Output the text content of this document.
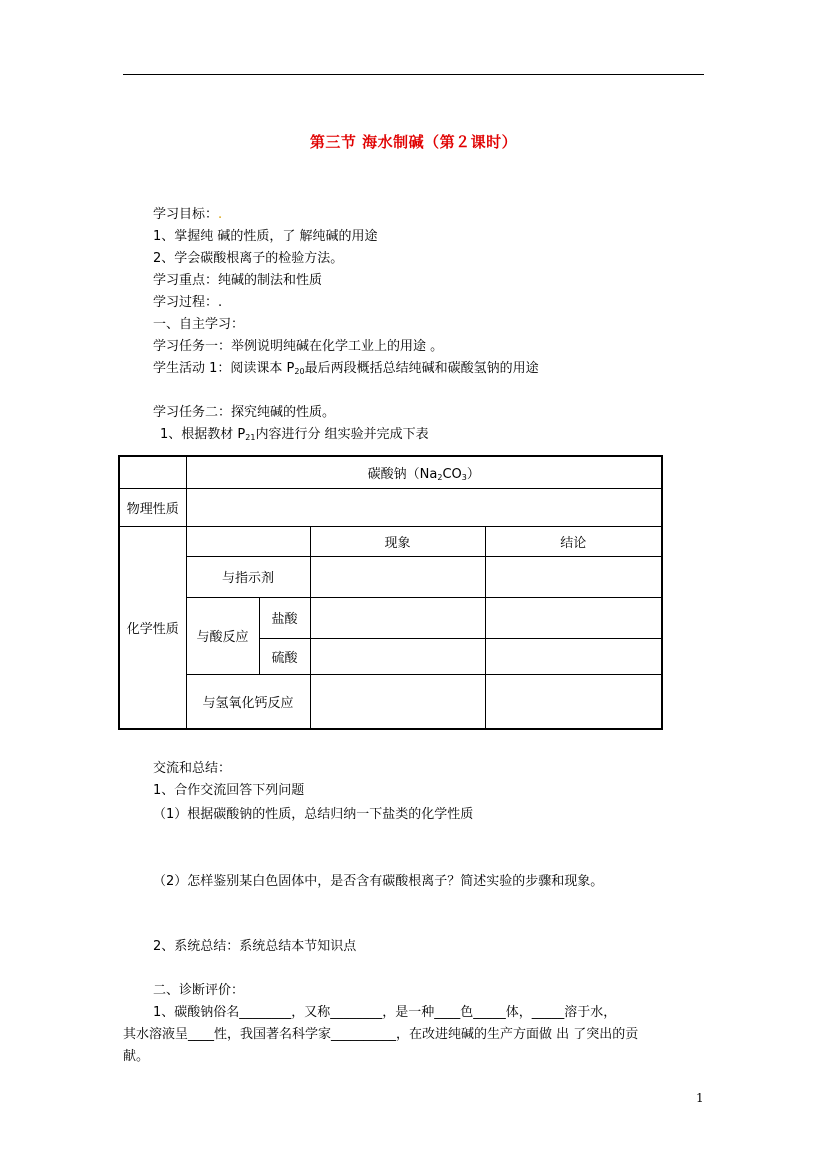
第三节 海水制碱（第２课时）
学习目标：.
1、掌握纯 碱的性质，了 解纯碱的用途
2、学会碳酸根离子的检验方法。
学习重点：纯碱的制法和性质
学习过程：.
一、自主学习：
学习任务一：举例说明纯碱在化学工业上的用途 。
学生活动 1：阅读课本 $P_{20}$最后两段概括总结纯碱和碳酸氢钠的用途
学习任务二：探究纯碱的性质。
1、根据教材 $P_{21}$内容进行分 组实验并完成下表
	碳酸钠$(Na_2CO_3)$			
物理性质				
化学性质			现象	结论
	与指示剂			
	与酸反应	盐酸		
		硫酸		
	与氢氧化钙反应			
交流和总结：
1、合作交流回答下列问题
（1）根据碳酸钠的性质，总结归纳一下盐类的化学性质
（2）怎样鉴别某白色固体中，是否含有碳酸根离子？简述实验的步骤和现象。
2、系统总结：系统总结本节知识点
二、诊断评价：
1、碳酸钠俗名________，又称________，是一种____色_____体，_____溶于水，
其水溶液呈____性，我国著名科学家__________，在改进纯碱的生产方面做 出 了突出的贡
献。
1
